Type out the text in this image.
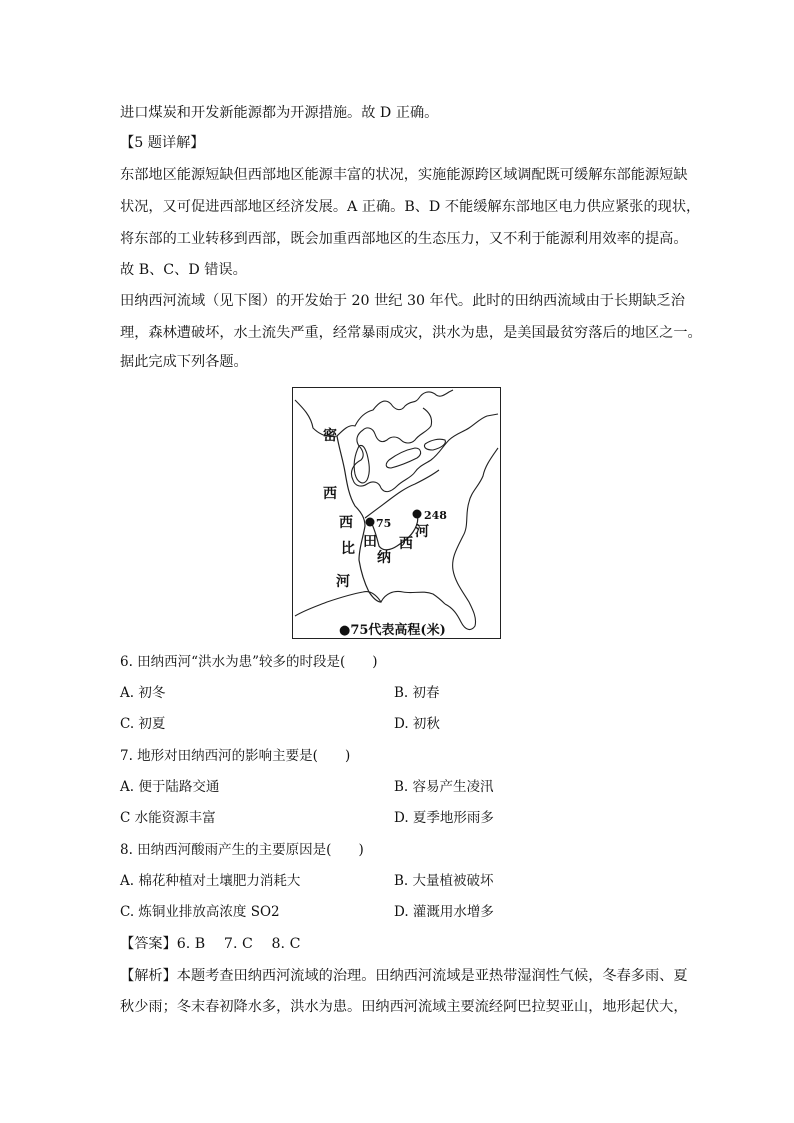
进口煤炭和开发新能源都为开源措施。故 D 正确。
【5 题详解】
东部地区能源短缺但西部地区能源丰富的状况，实施能源跨区域调配既可缓解东部能源短缺
状况，又可促进西部地区经济发展。A 正确。B、D 不能缓解东部地区电力供应紧张的现状，
将东部的工业转移到西部，既会加重西部地区的生态压力，又不利于能源利用效率的提高。
故 B、C、D 错误。
田纳西河流域（见下图）的开发始于 20 世纪 30 年代。此时的田纳西流域由于长期缺乏治
理，森林遭破坏，水土流失严重，经常暴雨成灾，洪水为患，是美国最贫穷落后的地区之一。
据此完成下列各题。
75
248
密
西
西
比
河
田
纳
西
河
●75代表高程(米)
6. 田纳西河“洪水为患”较多的时段是(　　)
A. 初冬	B. 初春
C. 初夏	D. 初秋
7. 地形对田纳西河的影响主要是(　　)
A. 便于陆路交通	B. 容易产生凌汛
C 水能资源丰富	D. 夏季地形雨多
8. 田纳西河酸雨产生的主要原因是(　　)
A. 棉花种植对土壤肥力消耗大	B. 大量植被破坏
C. 炼铜业排放高浓度 SO2	D. 灌溉用水增多
【答案】6. B　 7. C　 8. C
【解析】本题考查田纳西河流域的治理。田纳西河流域是亚热带湿润性气候，冬春多雨、夏
秋少雨；冬末春初降水多，洪水为患。田纳西河流域主要流经阿巴拉契亚山，地形起伏大，
